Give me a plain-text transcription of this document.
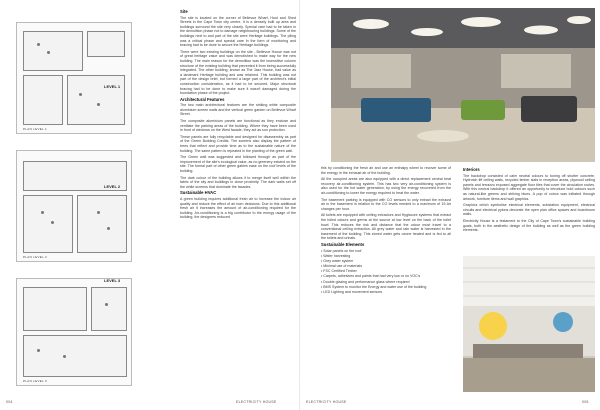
PLAN LEVEL 1
LEVEL 1
PLAN LEVEL 2
LEVEL 2
PLAN LEVEL 3
LEVEL 3
Site

The site is located on the corner of Bellevue Wharf, Hout and Shed Streets in the Cape Town city centre. It is a densely built up area and buildings surround the site very closely. Special care had to be taken in the demolition phase not to damage neighbouring buildings. Some of the buildings next to and part of the site were Heritage buildings. The piling was a critical phase and special care in the form of monitoring and bracing had to be done to secure the Heritage buildings.

There were two existing buildings on the site - Bellevue House was not of great heritage value and was demolished to make way for the new building. The main reason for the demolition was the insensitive column structure of the existing building that prevented it from being successfully integrated. The other building, known as The Jazz House, had value as a landmark Heritage building and was retained. This building was not part of the design brief, but formed a large part of the architect's initial construction consideration, as it had to be secured. Major structural bracing had to be done to make sure it wasn't damaged during the foundation phase of the project.

Architectural Features

The two main architectural features are the striking white composite aluminium screen walls and the vertical green garden on Bellevue Wharf Street.

The composite aluminium panels are functional as they enclose and ventilate the parking areas of the building. Where they have been used in front of windows on the West facade, they act as sun protection.

These panels are fully recyclable and designed for disassembly as part of the Green Building Credits. The screens also display the pattern of trees that reflect and provide time as to the sustainable nature of the building. The same pattern is repeated in the planting of the green wall.

The Green wall was suggested and followed through as part of the improvement of the site's ecological value, as no greenery existed on the site. The formal part of other green gables ease on the roof levels of the building.

The dark colour of the building allows it to merge itself well within the fabric of the city and buildings in close proximity. The dark walls set off the white screens that dominate the facades.

Sustainable HVAC

A green building requires additional fresh air to increase the indoor air quality and reduce the effect of air born decisions. Due to this additional fresh air it increases the amount of air-conditioning required for the building. Air-conditioning is a big contributor to the energy usage of the building, the designers reduced

004	ELECTRICITY HOUSE	ELECTRICITY HOUSE	005

this by conditioning the fresh air and use an enthalpy wheel to recover some of the energy in the exhaust air of the building.

All the occupied areas are also equipped with a direct replacement central heat recovery air-conditioning system. This has two very air-conditioning system is also used for the hot water generation, by using the energy recovered from the air-conditioning to lower the energy required to heat the water.

The basement parking is equipped with CO sensors to only extract the exhaust air in the basement in relation to the CO levels needed to a maximum of 15 Air changes per hour.

All toilets are equipped with ceiling extractors and Hygiscore systems that extract the foiled odours and germs at the source at low level on the back of the toilet bowl. This reduces the risk and distance that the odour must travel to a conventional ceiling extraction. All grey water and rain water is harvested in the basement of the building. This stored water gets ozone treated and is fed to all the toilets and urinals.

Sustainable Elements
• Solar panels on the roof
• Water harvesting
• Grey water system
• Minimal use of materials
• FSC Certified Timber
• Carpets, adhesives and paints that had very low or no VOC's
• Double glazing and performance glass where required
• BMS System to monitor the Energy and water use of the building
• LED Lighting and movement sensors
Interiors

The backdrop consisted of calm neutral colours to tuning off shutter concrete, Hydrotch tiff ceiling walls, recycled timber slats in reception areas, plywood ceiling panels and terrazzo exposed aggregate floor tiles that cover the circulation routes. With this neutral backdrop it offered an opportunity to introduce bold colours such as natural-like greens and striking blues. A pop of colour was initiated through artwork, furniture items and wall graphics.

Graphics which symbolise electrical elements, substation equipment, electrical circuits and electrical pylons decorate the open plan office spaces and boardroom walls.

Electricity House is a testament to the City of Cape Town's sustainable building goals, both in the aesthetic design of the building as well as the green building elements.
